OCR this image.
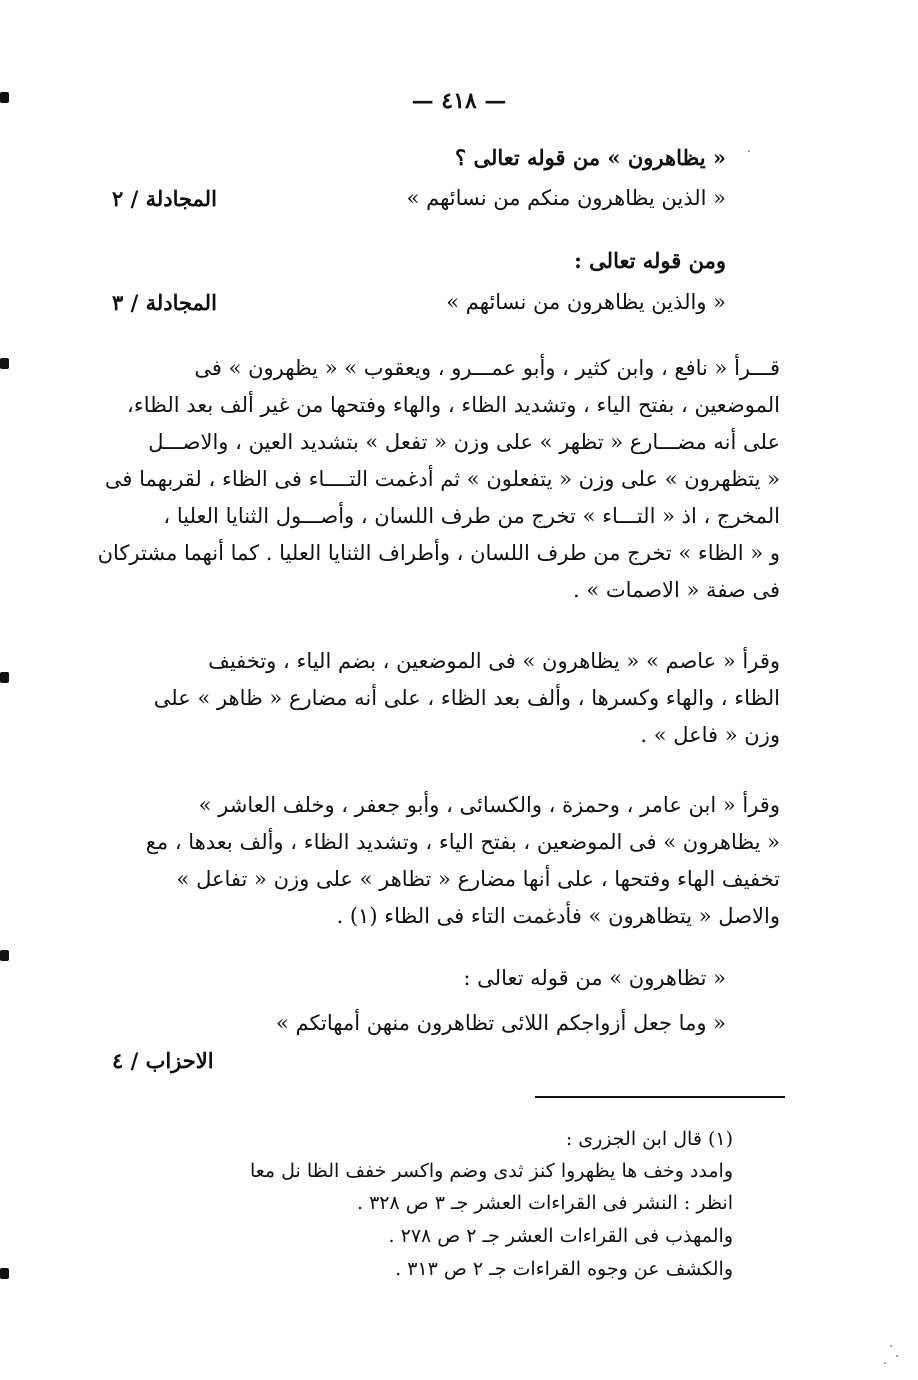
— ٤١٨ —
« يظاهرون » من قوله تعالى ؟
« الذين يظاهرون منكم من نسائهم »
المجادلة / ٢
ومن قوله تعالى :
« والذين يظاهرون من نسائهم »
المجادلة / ٣
قـــرأ « نافع ، وابن كثير ، وأبو عمـــرو ، ويعقوب » « يظهرون » فى
الموضعين ، بفتح الياء ، وتشديد الظاء ، والهاء وفتحها من غير ألف بعد الظاء،
على أنه مضـــارع « تظهر » على وزن « تفعل » بتشديد العين ، والاصـــل
« يتظهرون » على وزن « يتفعلون » ثم أدغمت التــــاء فى الظاء ، لقربهما فى
المخرج ، اذ « التـــاء » تخرج من طرف اللسان ، وأصـــول الثنايا العليا ،
و « الظاء » تخرج من طرف اللسان ، وأطراف الثنايا العليا . كما أنهما مشتركان
فى صفة « الاصمات » .
وقرأ « عاصم » « يظاهرون » فى الموضعين ، بضم الياء ، وتخفيف
الظاء ، والهاء وكسرها ، وألف بعد الظاء ، على أنه مضارع « ظاهر » على
وزن « فاعل » .
وقرأ « ابن عامر ، وحمزة ، والكسائى ، وأبو جعفر ، وخلف العاشر »
« يظاهرون » فى الموضعين ، بفتح الياء ، وتشديد الظاء ، وألف بعدها ، مع
تخفيف الهاء وفتحها ، على أنها مضارع « تظاهر » على وزن « تفاعل »
والاصل « يتظاهرون » فأدغمت التاء فى الظاء (١) .
« تظاهرون » من قوله تعالى :
« وما جعل أزواجكم اللائى تظاهرون منهن أمهاتكم »
الاحزاب / ٤
(١) قال ابن الجزرى :
وامدد وخف ها يظهروا كنز ثدى وضم واكسر خفف الظا نل معا
انظر : النشر فى القراءات العشر جـ ٣ ص ٣٢٨ .
والمهذب فى القراءات العشر جـ ٢ ص ٢٧٨ .
والكشف عن وجوه القراءات جـ ٢ ص ٣١٣ .
